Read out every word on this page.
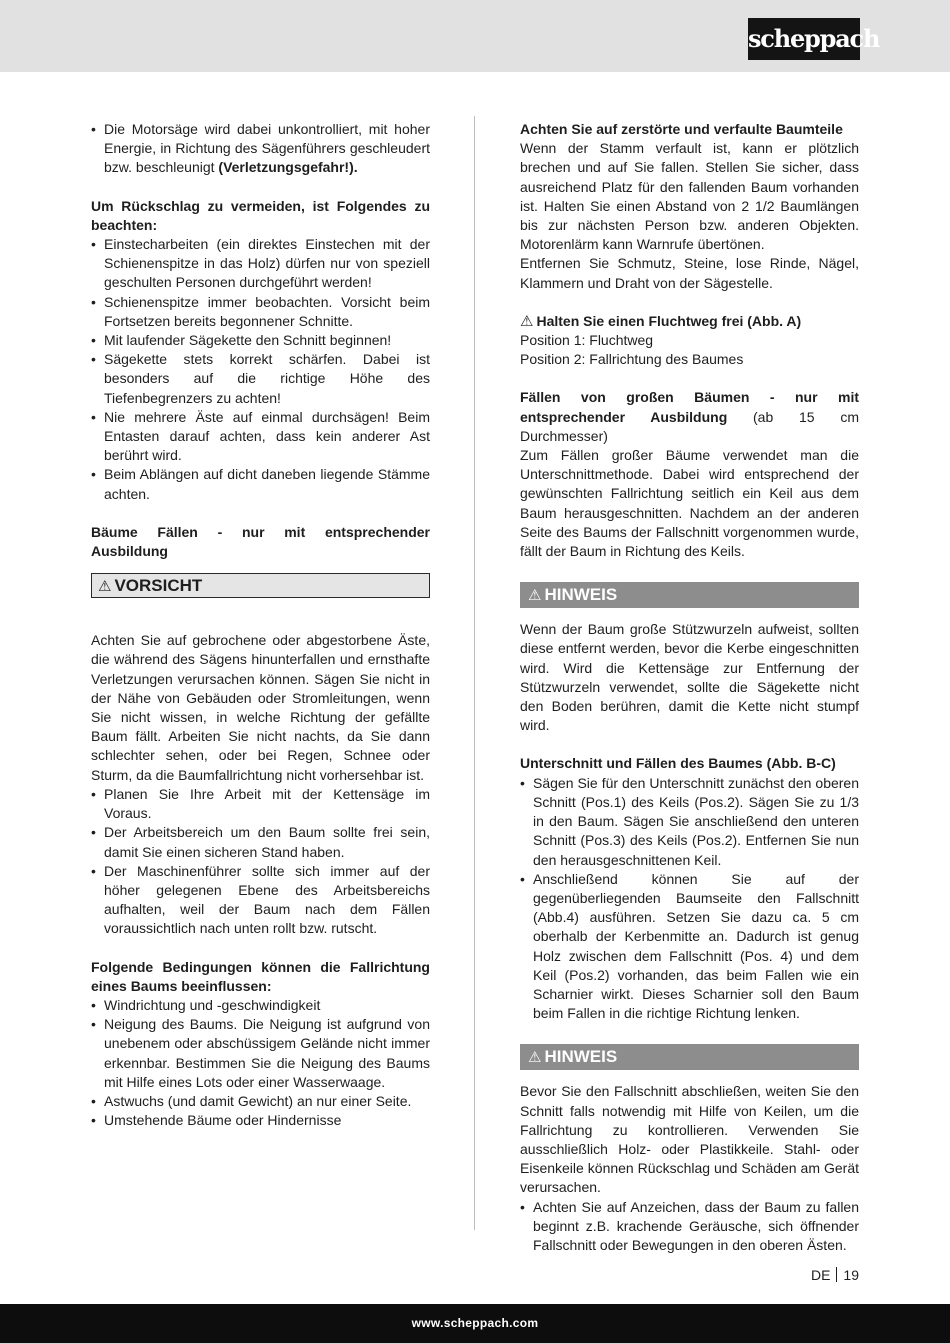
scheppach
• Die Motorsäge wird dabei unkontrolliert, mit hoher Energie, in Richtung des Sägenführers geschleudert bzw. beschleunigt (Verletzungsgefahr!).

Um Rückschlag zu vermeiden, ist Folgendes zu beachten:

• Einstecharbeiten (ein direktes Einstechen mit der Schienenspitze in das Holz) dürfen nur von speziell geschulten Personen durchgeführt werden!
• Schienenspitze immer beobachten. Vorsicht beim Fortsetzen bereits begonnener Schnitte.
• Mit laufender Sägekette den Schnitt beginnen!
• Sägekette stets korrekt schärfen. Dabei ist besonders auf die richtige Höhe des Tiefenbegrenzers zu achten!
• Nie mehrere Äste auf einmal durchsägen! Beim Entasten darauf achten, dass kein anderer Ast berührt wird.
• Beim Ablängen auf dicht daneben liegende Stämme achten.

Bäume Fällen - nur mit entsprechender Ausbildung

⚠ VORSICHT

Achten Sie auf gebrochene oder abgestorbene Äste, die während des Sägens hinunterfallen und ernsthafte Verletzungen verursachen können. Sägen Sie nicht in der Nähe von Gebäuden oder Stromleitungen, wenn Sie nicht wissen, in welche Richtung der gefällte Baum fällt. Arbeiten Sie nicht nachts, da Sie dann schlechter sehen, oder bei Regen, Schnee oder Sturm, da die Baumfallrichtung nicht vorhersehbar ist.

• Planen Sie Ihre Arbeit mit der Kettensäge im Voraus.
• Der Arbeitsbereich um den Baum sollte frei sein, damit Sie einen sicheren Stand haben.
• Der Maschinenführer sollte sich immer auf der höher gelegenen Ebene des Arbeitsbereichs aufhalten, weil der Baum nach dem Fällen voraussichtlich nach unten rollt bzw. rutscht.

Folgende Bedingungen können die Fallrichtung eines Baums beeinflussen:

• Windrichtung und -geschwindigkeit
• Neigung des Baums. Die Neigung ist aufgrund von unebenem oder abschüssigem Gelände nicht immer erkennbar. Bestimmen Sie die Neigung des Baums mit Hilfe eines Lots oder einer Wasserwaage.
• Astwuchs (und damit Gewicht) an nur einer Seite.
• Umstehende Bäume oder Hindernisse

Achten Sie auf zerstörte und verfaulte Baumteile

Wenn der Stamm verfault ist, kann er plötzlich brechen und auf Sie fallen. Stellen Sie sicher, dass ausreichend Platz für den fallenden Baum vorhanden ist. Halten Sie einen Abstand von 2 1/2 Baumlängen bis zur nächsten Person bzw. anderen Objekten. Motorenlärm kann Warnrufe übertönen.

Entfernen Sie Schmutz, Steine, lose Rinde, Nägel, Klammern und Draht von der Sägestelle.

⚠ Halten Sie einen Fluchtweg frei (Abb. A)

Position 1: Fluchtweg

Position 2: Fallrichtung des Baumes

Fällen von großen Bäumen - nur mit entsprechender Ausbildung (ab 15 cm Durchmesser)

Zum Fällen großer Bäume verwendet man die Unterschnittmethode. Dabei wird entsprechend der gewünschten Fallrichtung seitlich ein Keil aus dem Baum herausgeschnitten. Nachdem an der anderen Seite des Baums der Fallschnitt vorgenommen wurde, fällt der Baum in Richtung des Keils.

⚠ HINWEIS

Wenn der Baum große Stützwurzeln aufweist, sollten diese entfernt werden, bevor die Kerbe eingeschnitten wird. Wird die Kettensäge zur Entfernung der Stützwurzeln verwendet, sollte die Sägekette nicht den Boden berühren, damit die Kette nicht stumpf wird.

Unterschnitt und Fällen des Baumes (Abb. B-C)

• Sägen Sie für den Unterschnitt zunächst den oberen Schnitt (Pos.1) des Keils (Pos.2). Sägen Sie zu 1/3 in den Baum. Sägen Sie anschließend den unteren Schnitt (Pos.3) des Keils (Pos.2). Entfernen Sie nun den herausgeschnittenen Keil.
• Anschließend können Sie auf der gegenüberliegenden Baumseite den Fallschnitt (Abb.4) ausführen. Setzen Sie dazu ca. 5 cm oberhalb der Kerbenmitte an. Dadurch ist genug Holz zwischen dem Fallschnitt (Pos. 4) und dem Keil (Pos.2) vorhanden, das beim Fallen wie ein Scharnier wirkt. Dieses Scharnier soll den Baum beim Fallen in die richtige Richtung lenken.
⚠ HINWEIS

Bevor Sie den Fallschnitt abschließen, weiten Sie den Schnitt falls notwendig mit Hilfe von Keilen, um die Fallrichtung zu kontrollieren. Verwenden Sie ausschließlich Holz- oder Plastikkeile. Stahl- oder Eisenkeile können Rückschlag und Schäden am Gerät verursachen.

• Achten Sie auf Anzeichen, dass der Baum zu fallen beginnt z.B. krachende Geräusche, sich öffnender Fallschnitt oder Bewegungen in den oberen Ästen.
DE 19
www.scheppach.com
